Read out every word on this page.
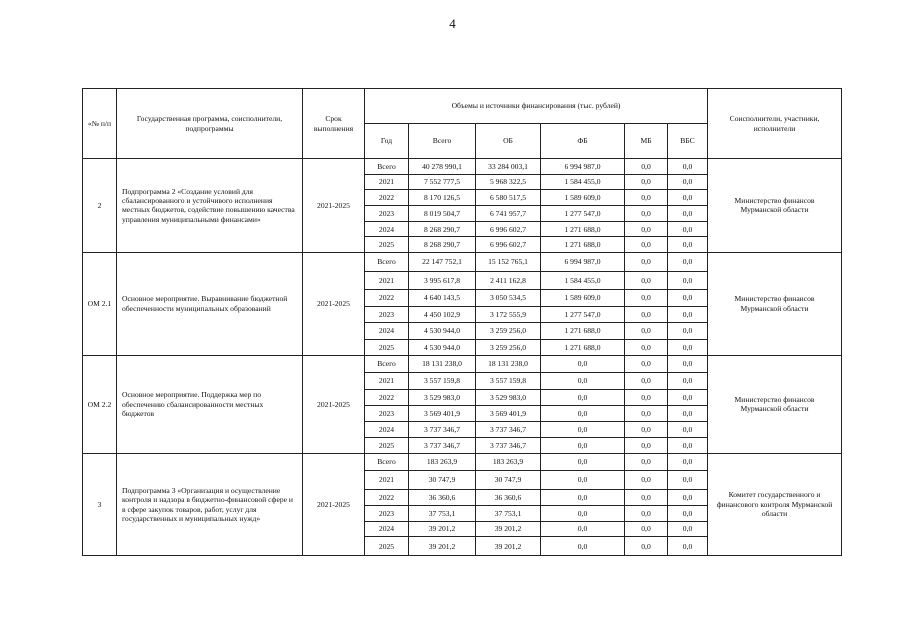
4
«№ п/п	Государственная программа, соисполнители, подпрограммы	Срок выполнения	Объемы и источники финансирования (тыс. рублей)						Соисполнители, участники, исполнители
			Год	Всего	ОБ	ФБ	МБ	ВБС	
2	Подпрограмма 2 «Создание условий для сбалансированного и устойчивого исполнения местных бюджетов, содействие повышению качества управления муниципальными финансами»	2021-2025	Всего	40 278 990,1	33 284 003,1	6 994 987,0	0,0	0,0	Министерство финансов Мурманской области
			2021	7 552 777,5	5 968 322,5	1 584 455,0	0,0	0,0	
			2022	8 170 126,5	6 580 517,5	1 589 609,0	0,0	0,0	
			2023	8 019 504,7	6 741 957,7	1 277 547,0	0,0	0,0	
			2024	8 268 290,7	6 996 602,7	1 271 688,0	0,0	0,0	
			2025	8 268 290,7	6 996 602,7	1 271 688,0	0,0	0,0	
ОМ 2.1	Основное мероприятие. Выравнивание бюджетной обеспеченности муниципальных образований	2021-2025	Всего	22 147 752,1	15 152 765,1	6 994 987,0	0,0	0,0	Министерство финансов Мурманской области
			2021	3 995 617,8	2 411 162,8	1 584 455,0	0,0	0,0	
			2022	4 640 143,5	3 050 534,5	1 589 609,0	0,0	0,0	
			2023	4 450 102,9	3 172 555,9	1 277 547,0	0,0	0,0	
			2024	4 530 944,0	3 259 256,0	1 271 688,0	0,0	0,0	
			2025	4 530 944,0	3 259 256,0	1 271 688,0	0,0	0,0	
ОМ 2.2	Основное мероприятие. Поддержка мер по обеспечению сбалансированности местных бюджетов	2021-2025	Всего	18 131 238,0	18 131 238,0	0,0	0,0	0,0	Министерство финансов Мурманской области
			2021	3 557 159,8	3 557 159,8	0,0	0,0	0,0	
			2022	3 529 983,0	3 529 983,0	0,0	0,0	0,0	
			2023	3 569 401,9	3 569 401,9	0,0	0,0	0,0	
			2024	3 737 346,7	3 737 346,7	0,0	0,0	0,0	
			2025	3 737 346,7	3 737 346,7	0,0	0,0	0,0	
3	Подпрограмма 3 «Организация и осуществление контроля и надзора в бюджетно-финансовой сфере и в сфере закупок товаров, работ, услуг для государственных и муниципальных нужд»	2021-2025	Всего	183 263,9	183 263,9	0,0	0,0	0,0	Комитет государственного и финансового контроля Мурманской области
			2021	30 747,9	30 747,9	0,0	0,0	0,0	
			2022	36 360,6	36 360,6	0,0	0,0	0,0	
			2023	37 753,1	37 753,1	0,0	0,0	0,0	
			2024	39 201,2	39 201,2	0,0	0,0	0,0	
			2025	39 201,2	39 201,2	0,0	0,0	0,0	
